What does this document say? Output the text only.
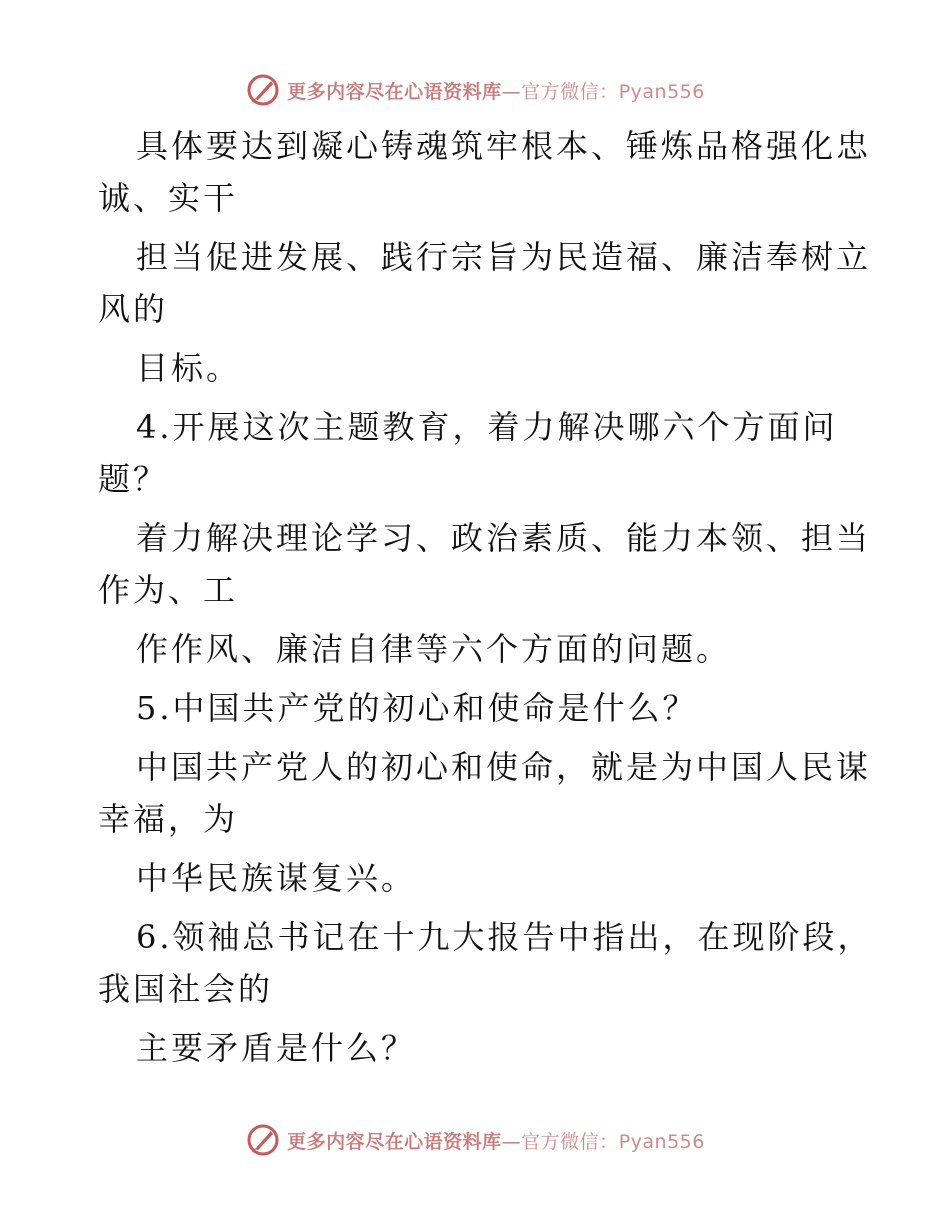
更多内容尽在心语资料库—官方微信：Pyan556
具体要达到凝心铸魂筑牢根本、锤炼品格强化忠
诚、实干
担当促进发展、践行宗旨为民造福、廉洁奉树立
风的
目标。
4.开展这次主题教育，着力解决哪六个方面问
题？
着力解决理论学习、政治素质、能力本领、担当
作为、工
作作风、廉洁自律等六个方面的问题。
5.中国共产党的初心和使命是什么？
中国共产党人的初心和使命，就是为中国人民谋
幸福，为
中华民族谋复兴。
6.领袖总书记在十九大报告中指出，在现阶段，
我国社会的
主要矛盾是什么？
更多内容尽在心语资料库—官方微信：Pyan556
